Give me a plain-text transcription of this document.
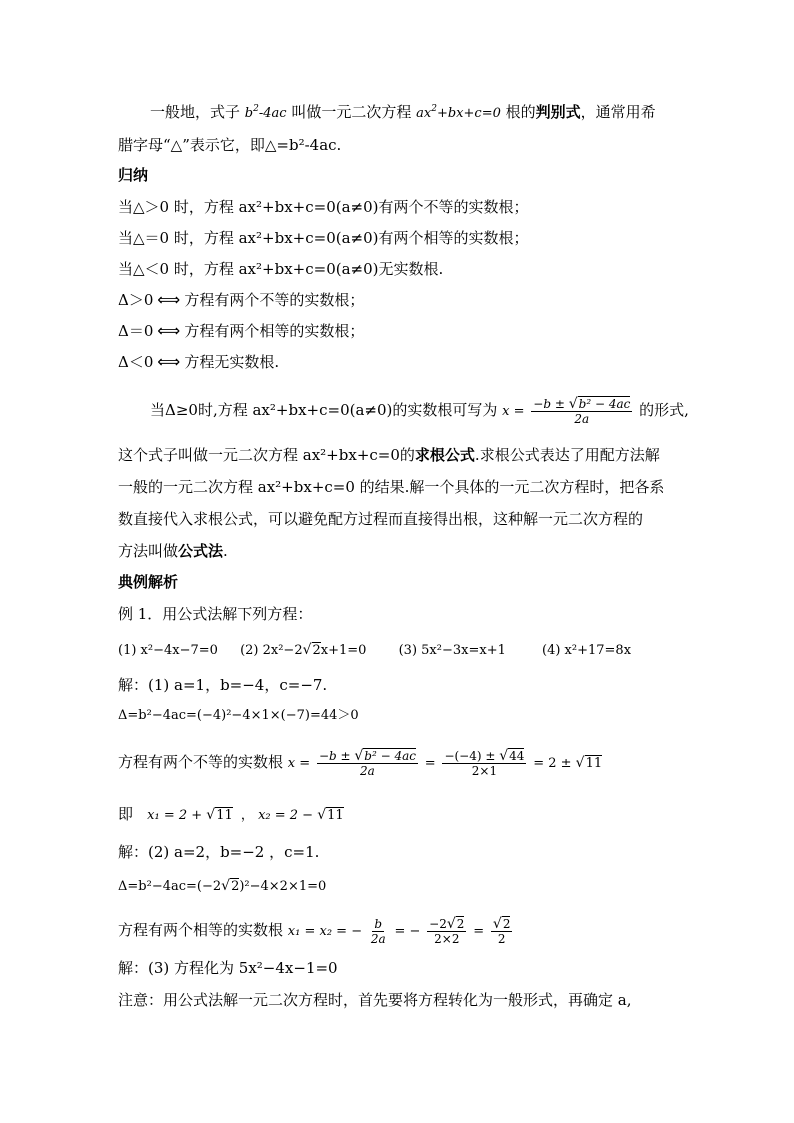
一般地，式子 $b^2-4ac$ 叫做一元二次方程 $ax^2+bx+c=0$ 根的判别式，通常用希
腊字母“△”表示它，即△=b²-4ac.
归纳
当△＞0 时，方程 ax²+bx+c=0(a≠0)有两个不等的实数根；
当△＝0 时，方程 ax²+bx+c=0(a≠0)有两个相等的实数根；
当△＜0 时，方程 ax²+bx+c=0(a≠0)无实数根.
Δ＞0 ⟺ 方程有两个不等的实数根；
Δ＝0 ⟺ 方程有两个相等的实数根；
Δ＜0 ⟺ 方程无实数根.
当Δ≥0时,方程 ax²+bx+c=0(a≠0)的实数根可写为 $x = \frac{\text{−b ± √b² − 4ac}}{2a}$ 的形式,
这个式子叫做一元二次方程 ax²+bx+c=0的求根公式.求根公式表达了用配方法解
一般的一元二次方程 ax²+bx+c=0 的结果.解一个具体的一元二次方程时，把各系
数直接代入求根公式，可以避免配方过程而直接得出根，这种解一元二次方程的
方法叫做公式法.
典例解析
例 1．用公式法解下列方程：
(1) x²−4x−7=0 (2) 2x²−2√2x+1=0 (3) 5x²−3x=x+1	(4) x²+17=8x
解：(1) a=1，b=−4，c=−7.
Δ=b²−4ac=(−4)²−4×1×(−7)=44＞0
方程有两个不等的实数根 $x = \frac{\text{−b ± √b² − 4ac}}{2a} = \frac{-(-4) \pm √44}{2\times 1} = 2 \pm √11$
即 x₁ = 2 + √11 ， x₂ = 2 − √11
解：(2) a=2，b=−2 ，c=1.
Δ=b²−4ac=(−2√2)²−4×2×1=0
方程有两个相等的实数根 x₁ = x₂ = − $\frac{b}{2a}$ = − $\frac{-2√2}{2\times 2} = \frac{√2}{2}$
解：(3) 方程化为 5x²−4x−1=0
注意：用公式法解一元二次方程时，首先要将方程转化为一般形式，再确定 a,
